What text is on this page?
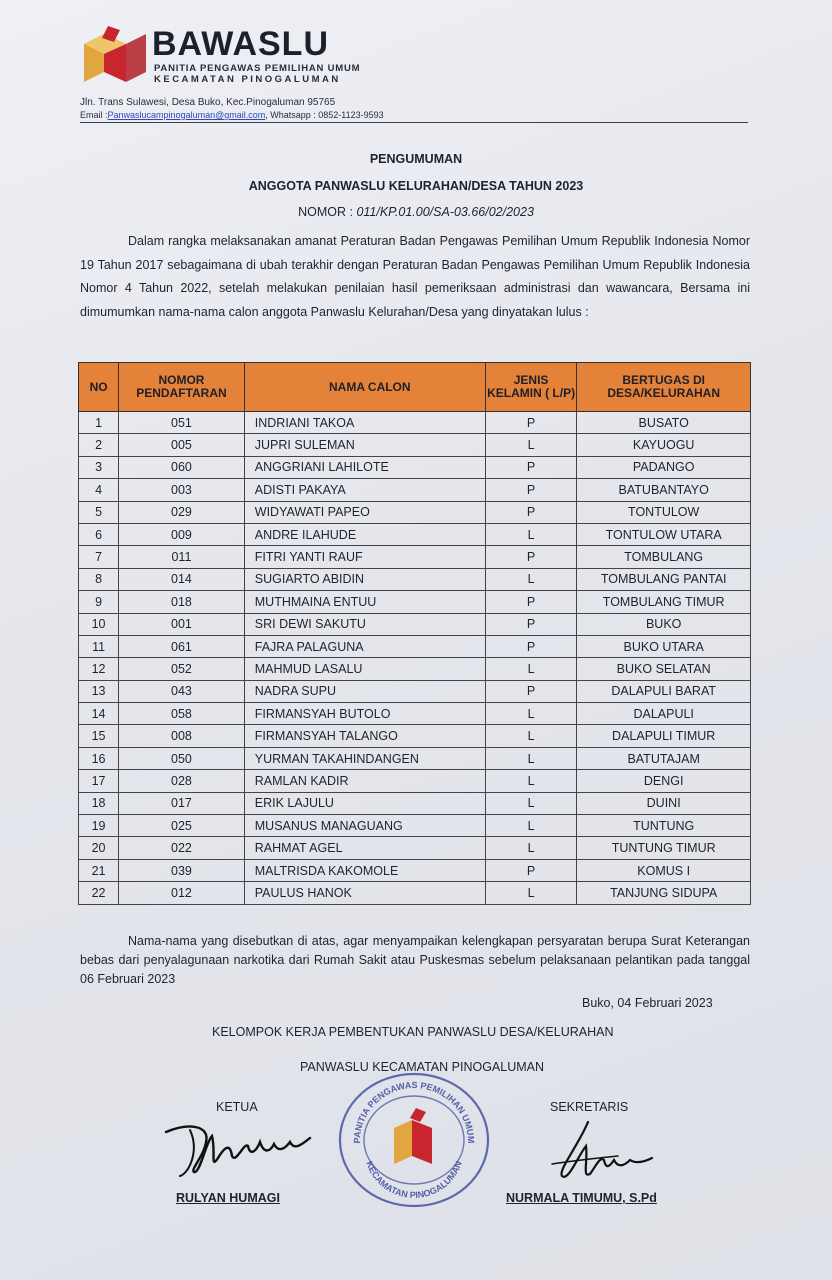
BAWASLU
PANITIA PENGAWAS PEMILIHAN UMUM
KECAMATAN PINOGALUMAN
Jln. Trans Sulawesi, Desa Buko, Kec.Pinogaluman 95765
Email :Panwaslucampinogaluman@gmail.com, Whatsapp : 0852-1123-9593
PENGUMUMAN
ANGGOTA PANWASLU KELURAHAN/DESA TAHUN 2023
NOMOR : 011/KP.01.00/SA-03.66/02/2023
Dalam rangka melaksanakan amanat Peraturan Badan Pengawas Pemilihan Umum Republik Indonesia Nomor 19 Tahun 2017 sebagaimana di ubah terakhir dengan Peraturan Badan Pengawas Pemilihan Umum Republik Indonesia Nomor 4 Tahun 2022, setelah melakukan penilaian hasil pemeriksaan administrasi dan wawancara, Bersama ini dimumumkan nama-nama calon anggota Panwaslu Kelurahan/Desa yang dinyatakan lulus :
NO	NOMOR PENDAFTARAN	NAMA CALON	JENIS KELAMIN ( L/P)	BERTUGAS DI DESA/KELURAHAN
1	051	INDRIANI TAKOA	P	BUSATO
2	005	JUPRI SULEMAN	L	KAYUOGU
3	060	ANGGRIANI LAHILOTE	P	PADANGO
4	003	ADISTI PAKAYA	P	BATUBANTAYO
5	029	WIDYAWATI PAPEO	P	TONTULOW
6	009	ANDRE ILAHUDE	L	TONTULOW UTARA
7	011	FITRI YANTI RAUF	P	TOMBULANG
8	014	SUGIARTO ABIDIN	L	TOMBULANG PANTAI
9	018	MUTHMAINA ENTUU	P	TOMBULANG TIMUR
10	001	SRI DEWI SAKUTU	P	BUKO
11	061	FAJRA PALAGUNA	P	BUKO UTARA
12	052	MAHMUD LASALU	L	BUKO SELATAN
13	043	NADRA SUPU	P	DALAPULI BARAT
14	058	FIRMANSYAH BUTOLO	L	DALAPULI
15	008	FIRMANSYAH TALANGO	L	DALAPULI TIMUR
16	050	YURMAN TAKAHINDANGEN	L	BATUTAJAM
17	028	RAMLAN KADIR	L	DENGI
18	017	ERIK LAJULU	L	DUINI
19	025	MUSANUS MANAGUANG	L	TUNTUNG
20	022	RAHMAT AGEL	L	TUNTUNG TIMUR
21	039	MALTRISDA KAKOMOLE	P	KOMUS I
22	012	PAULUS HANOK	L	TANJUNG SIDUPA
Nama-nama yang disebutkan di atas, agar menyampaikan kelengkapan persyaratan berupa Surat Keterangan bebas dari penyalagunaan narkotika dari Rumah Sakit atau Puskesmas sebelum pelaksanaan pelantikan pada tanggal 06 Februari 2023
Buko, 04 Februari 2023
KELOMPOK KERJA PEMBENTUKAN PANWASLU DESA/KELURAHAN
PANWASLU KECAMATAN PINOGALUMAN
PANITIA PENGAWAS PEMILIHAN UMUM
KECAMATAN PINOGALUMAN
KETUA	SEKRETARIS
RULYAN HUMAGI	NURMALA TIMUMU, S.Pd
